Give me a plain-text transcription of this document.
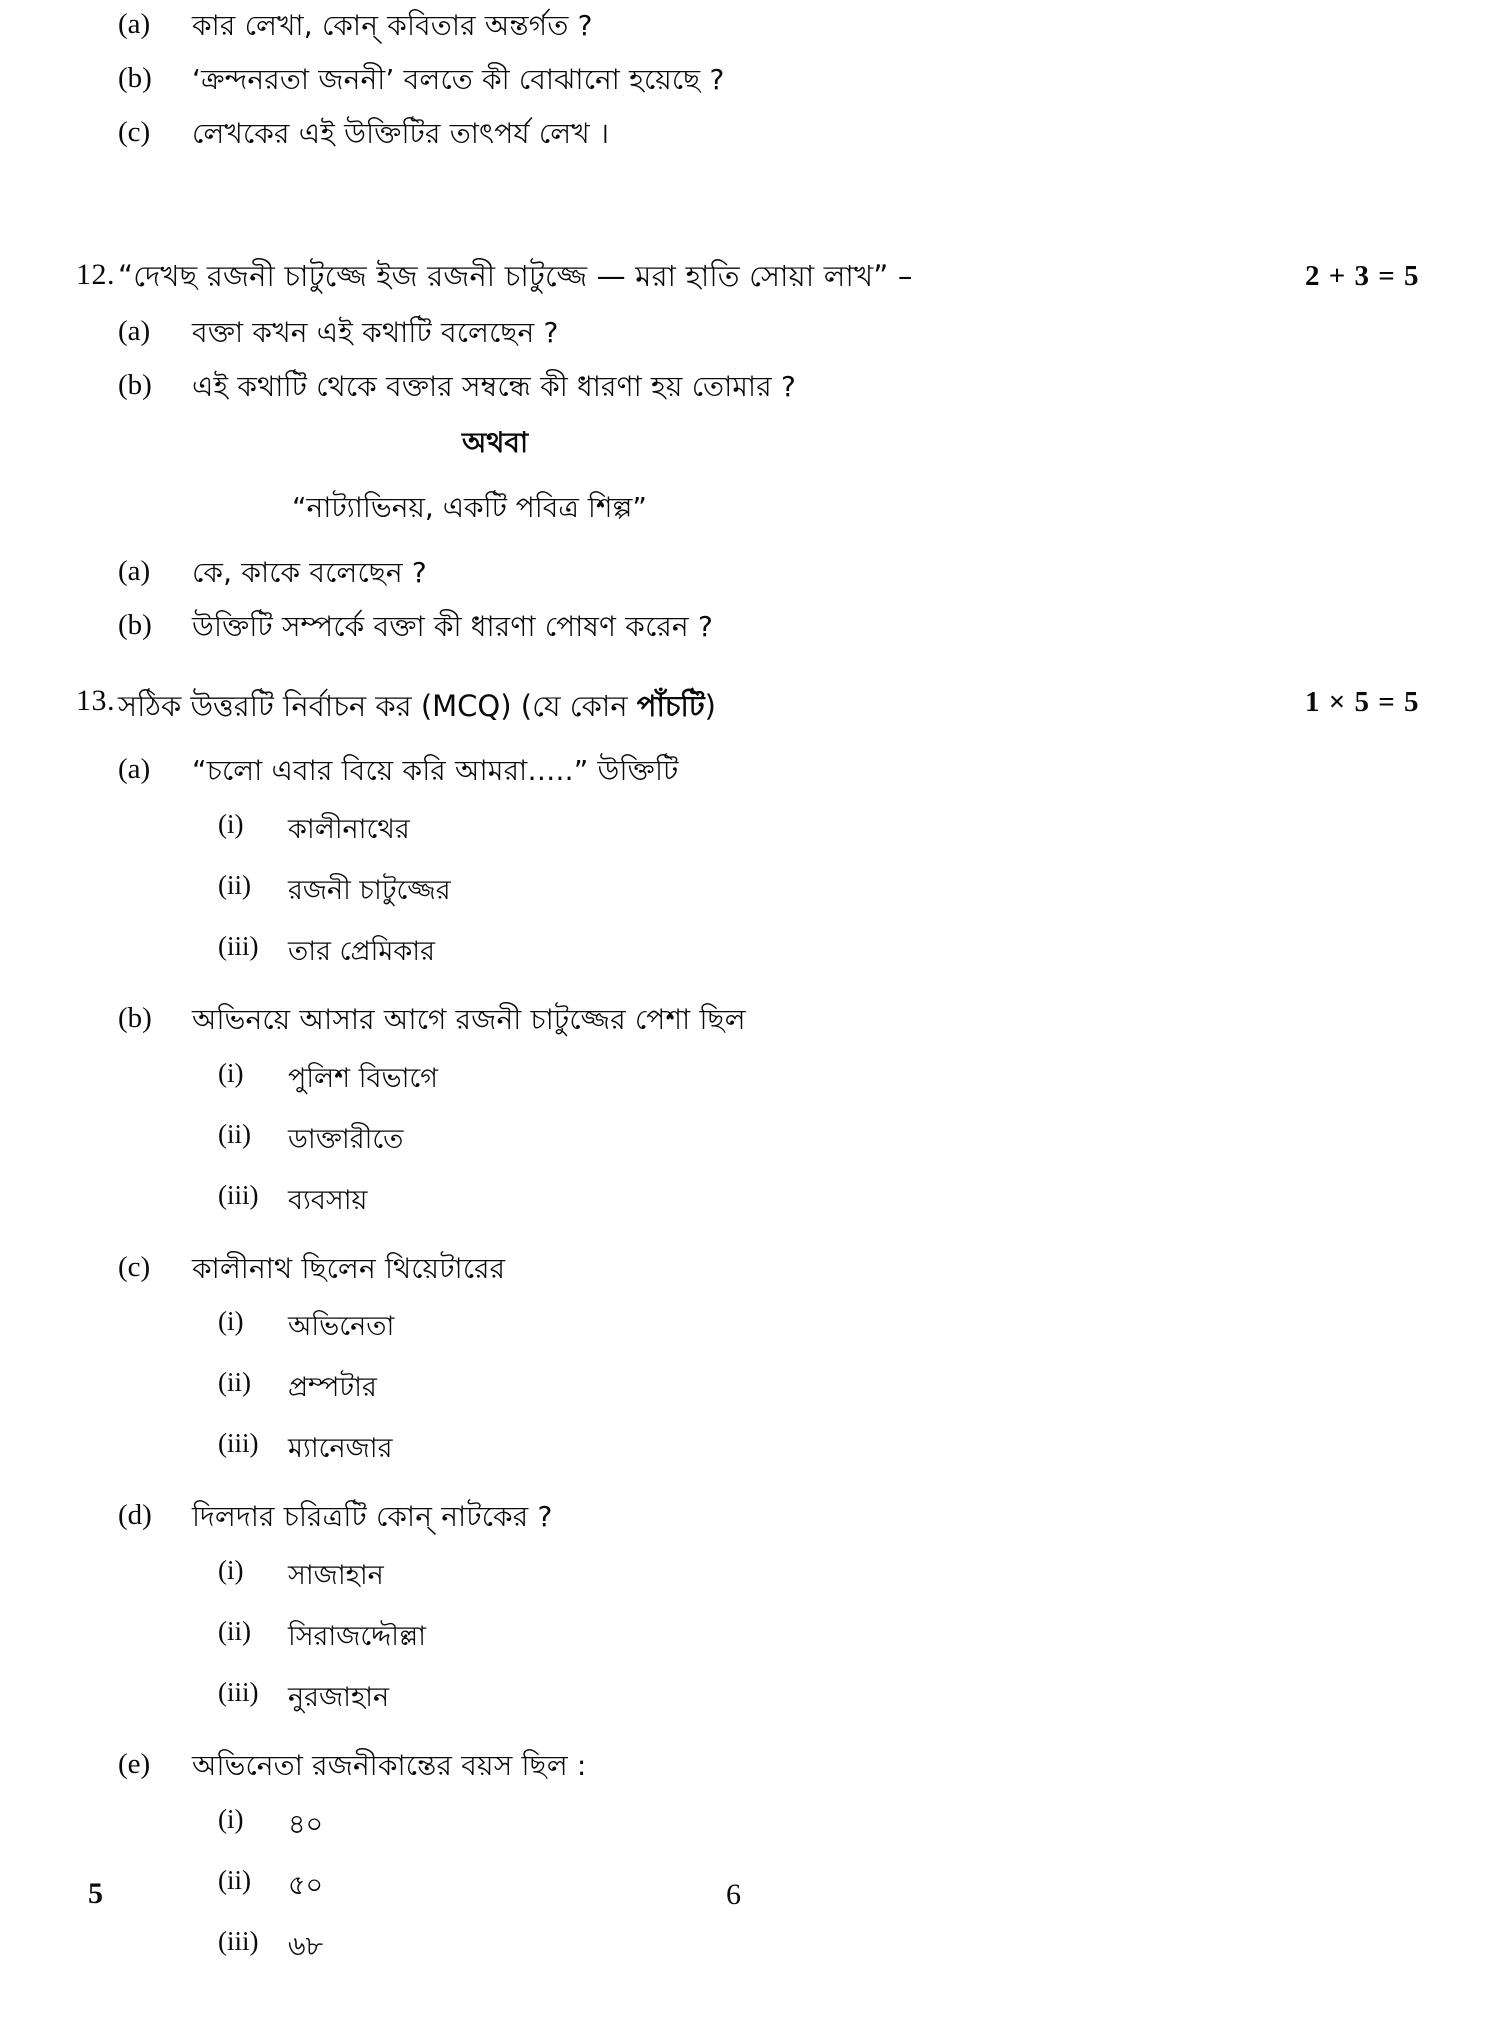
(a)	কার লেখা, কোন্ কবিতার অন্তর্গত ?
(b)	‘ক্রন্দনরতা জননী’ বলতে কী বোঝানো হয়েছে ?
(c)	লেখকের এই উক্তিটির তাৎপর্য লেখ ।
12. “দেখছ রজনী চাটুজ্জে ইজ রজনী চাটুজ্জে — মরা হাতি সোয়া লাখ” –	2 + 3 = 5
(a)	বক্তা কখন এই কথাটি বলেছেন ?
(b)	এই কথাটি থেকে বক্তার সম্বন্ধে কী ধারণা হয় তোমার ?
অথবা
“নাট্যাভিনয়, একটি পবিত্র শিল্প”
(a)	কে, কাকে বলেছেন ?
(b)	উক্তিটি সম্পর্কে বক্তা কী ধারণা পোষণ করেন ?
13. সঠিক উত্তরটি নির্বাচন কর (MCQ) (যে কোন পাঁচটি)	1 × 5 = 5
(a)	“চলো এবার বিয়ে করি আমরা…..” উক্তিটি
(i)	কালীনাথের
(ii)	রজনী চাটুজ্জের
(iii)	তার প্রেমিকার
(b)	অভিনয়ে আসার আগে রজনী চাটুজ্জের পেশা ছিল
(i)	পুলিশ বিভাগে
(ii)	ডাক্তারীতে
(iii)	ব্যবসায়
(c)	কালীনাথ ছিলেন থিয়েটারের
(i)	অভিনেতা
(ii)	প্রম্পটার
(iii)	ম্যানেজার
(d)	দিলদার চরিত্রটি কোন্ নাটকের ?
(i)	সাজাহান
(ii)	সিরাজদ্দৌল্লা
(iii)	নুরজাহান
(e)	অভিনেতা রজনীকান্তের বয়স ছিল :
(i)	৪০
(ii)	৫০
(iii)	৬৮
5	6
